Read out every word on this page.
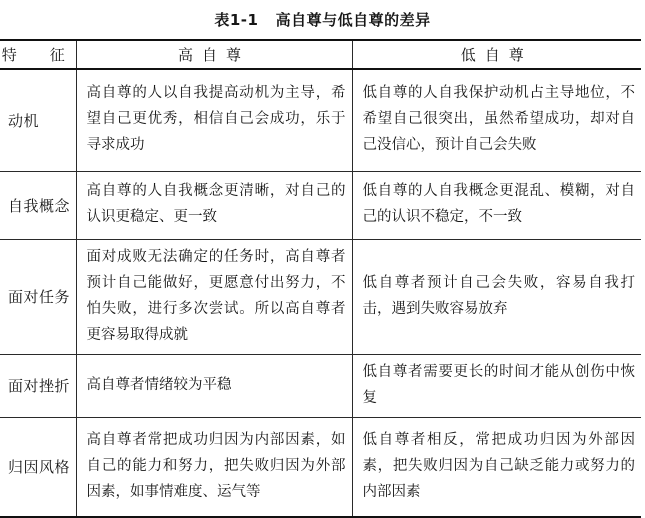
表1-1   高自尊与低自尊的差异
特　征	高自尊	低自尊
动机	高自尊的人以自我提高动机为主导，希望自己更优秀，相信自己会成功，乐于寻求成功	低自尊的人自我保护动机占主导地位，不希望自己很突出，虽然希望成功，却对自己没信心，预计自己会失败
自我概念	高自尊的人自我概念更清晰，对自己的认识更稳定、更一致	低自尊的人自我概念更混乱、模糊，对自己的认识不稳定，不一致
面对任务	面对成败无法确定的任务时，高自尊者预计自己能做好，更愿意付出努力，不怕失败，进行多次尝试。所以高自尊者更容易取得成就	低自尊者预计自己会失败，容易自我打击，遇到失败容易放弃
面对挫折	高自尊者情绪较为平稳	低自尊者需要更长的时间才能从创伤中恢复
归因风格	高自尊者常把成功归因为内部因素，如自己的能力和努力，把失败归因为外部因素，如事情难度、运气等	低自尊者相反，常把成功归因为外部因素，把失败归因为自己缺乏能力或努力的内部因素
